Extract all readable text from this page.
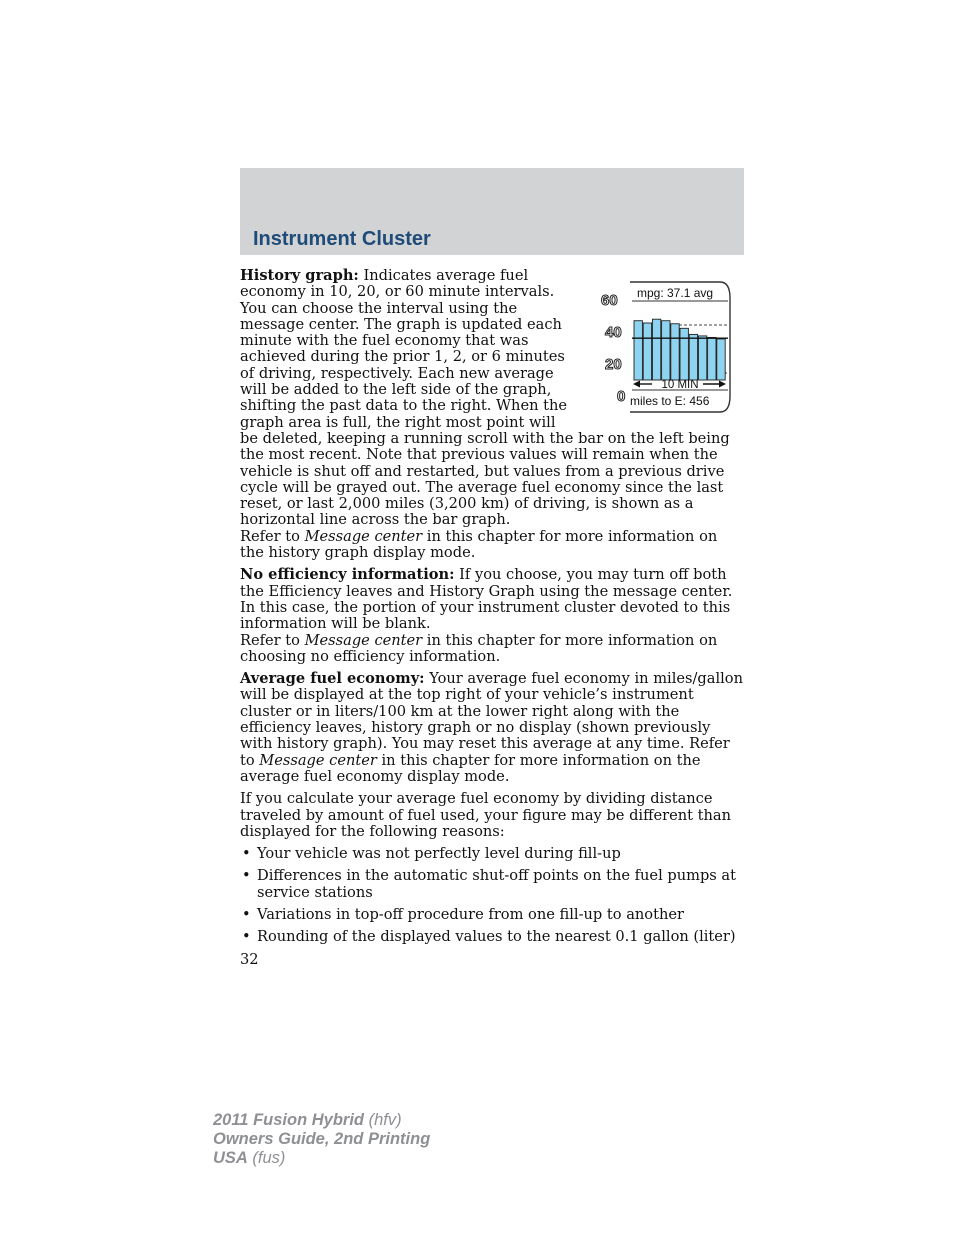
Instrument Cluster
mpg: 37.1 avg
60
40
20
0
10 MIN
miles to E: 456

History graph: Indicates average fuel economy in 10, 20, or 60 minute intervals. You can choose the interval using the message center. The graph is updated each minute with the fuel economy that was achieved during the prior 1, 2, or 6 minutes of driving, respectively. Each new average will be added to the left side of the graph, shifting the past data to the right. When the graph area is full, the right most point will be deleted, keeping a running scroll with the bar on the left being the most recent. Note that previous values will remain when the vehicle is shut off and restarted, but values from a previous drive cycle will be grayed out. The average fuel economy since the last reset, or last 2,000 miles (3,200 km) of driving, is shown as a horizontal line across the bar graph.

Refer to Message center in this chapter for more information on the history graph display mode.

No efficiency information: If you choose, you may turn off both the Efficiency leaves and History Graph using the message center. In this case, the portion of your instrument cluster devoted to this information will be blank.

Refer to Message center in this chapter for more information on choosing no efficiency information.

Average fuel economy: Your average fuel economy in miles/gallon will be displayed at the top right of your vehicle’s instrument cluster or in liters/100 km at the lower right along with the efficiency leaves, history graph or no display (shown previously with history graph). You may reset this average at any time. Refer to Message center in this chapter for more information on the average fuel economy display mode.

If you calculate your average fuel economy by dividing distance traveled by amount of fuel used, your figure may be different than displayed for the following reasons:

• Your vehicle was not perfectly level during fill-up
• Differences in the automatic shut-off points on the fuel pumps at service stations
• Variations in top-off procedure from one fill-up to another
• Rounding of the displayed values to the nearest 0.1 gallon (liter)

32

2011 Fusion Hybrid (hfv)
Owners Guide, 2nd Printing
USA (fus)
